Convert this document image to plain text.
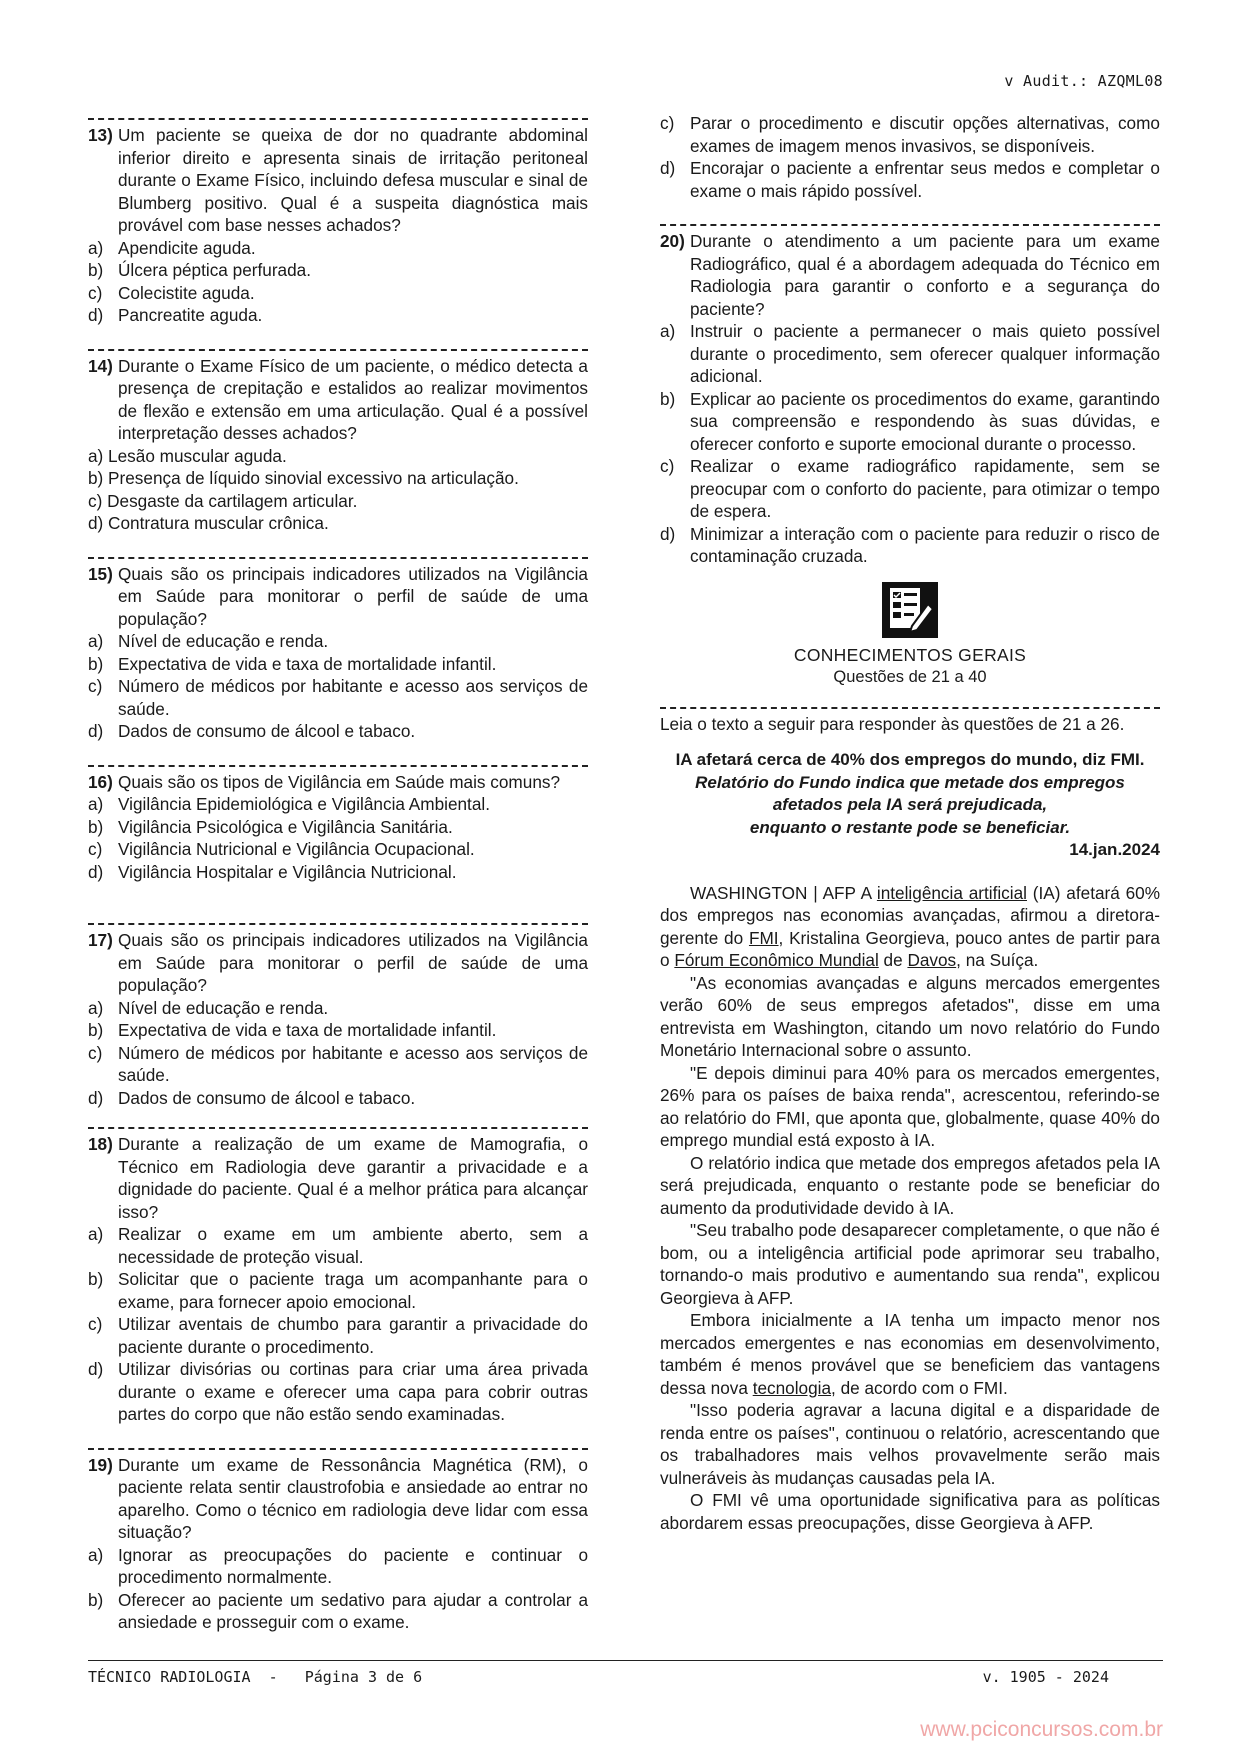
v Audit.: AZQML08
13) Um paciente se queixa de dor no quadrante abdominal inferior direito e apresenta sinais de irritação peritoneal durante o Exame Físico, incluindo defesa muscular e sinal de Blumberg positivo. Qual é a suspeita diagnóstica mais provável com base nesses achados?
a) Apendicite aguda.
b) Úlcera péptica perfurada.
c) Colecistite aguda.
d) Pancreatite aguda.
14) Durante o Exame Físico de um paciente, o médico detecta a presença de crepitação e estalidos ao realizar movimentos de flexão e extensão em uma articulação. Qual é a possível interpretação desses achados?
a) Lesão muscular aguda.
b) Presença de líquido sinovial excessivo na articulação.
c) Desgaste da cartilagem articular.
d) Contratura muscular crônica.
15) Quais são os principais indicadores utilizados na Vigilância em Saúde para monitorar o perfil de saúde de uma população?
a) Nível de educação e renda.
b) Expectativa de vida e taxa de mortalidade infantil.
c) Número de médicos por habitante e acesso aos serviços de saúde.
d) Dados de consumo de álcool e tabaco.
16) Quais são os tipos de Vigilância em Saúde mais comuns?
a) Vigilância Epidemiológica e Vigilância Ambiental.
b) Vigilância Psicológica e Vigilância Sanitária.
c) Vigilância Nutricional e Vigilância Ocupacional.
d) Vigilância Hospitalar e Vigilância Nutricional.
17) Quais são os principais indicadores utilizados na Vigilância em Saúde para monitorar o perfil de saúde de uma população?
a) Nível de educação e renda.
b) Expectativa de vida e taxa de mortalidade infantil.
c) Número de médicos por habitante e acesso aos serviços de saúde.
d) Dados de consumo de álcool e tabaco.
18) Durante a realização de um exame de Mamografia, o Técnico em Radiologia deve garantir a privacidade e a dignidade do paciente. Qual é a melhor prática para alcançar isso?
a) Realizar o exame em um ambiente aberto, sem a necessidade de proteção visual.
b) Solicitar que o paciente traga um acompanhante para o exame, para fornecer apoio emocional.
c) Utilizar aventais de chumbo para garantir a privacidade do paciente durante o procedimento.
d) Utilizar divisórias ou cortinas para criar uma área privada durante o exame e oferecer uma capa para cobrir outras partes do corpo que não estão sendo examinadas.
19) Durante um exame de Ressonância Magnética (RM), o paciente relata sentir claustrofobia e ansiedade ao entrar no aparelho. Como o técnico em radiologia deve lidar com essa situação?
a) Ignorar as preocupações do paciente e continuar o procedimento normalmente.
b) Oferecer ao paciente um sedativo para ajudar a controlar a ansiedade e prosseguir com o exame.
c) Parar o procedimento e discutir opções alternativas, como exames de imagem menos invasivos, se disponíveis.
d) Encorajar o paciente a enfrentar seus medos e completar o exame o mais rápido possível.
20) Durante o atendimento a um paciente para um exame Radiográfico, qual é a abordagem adequada do Técnico em Radiologia para garantir o conforto e a segurança do paciente?
a) Instruir o paciente a permanecer o mais quieto possível durante o procedimento, sem oferecer qualquer informação adicional.
b) Explicar ao paciente os procedimentos do exame, garantindo sua compreensão e respondendo às suas dúvidas, e oferecer conforto e suporte emocional durante o processo.
c) Realizar o exame radiográfico rapidamente, sem se preocupar com o conforto do paciente, para otimizar o tempo de espera.
d) Minimizar a interação com o paciente para reduzir o risco de contaminação cruzada.
CONHECIMENTOS GERAIS
Questões de 21 a 40
Leia o texto a seguir para responder às questões de 21 a 26.
IA afetará cerca de 40% dos empregos do mundo, diz FMI.
Relatório do Fundo indica que metade dos empregos
afetados pela IA será prejudicada,
enquanto o restante pode se beneficiar.
14.jan.2024

WASHINGTON | AFP A inteligência artificial (IA) afetará 60% dos empregos nas economias avançadas, afirmou a diretora-gerente do FMI, Kristalina Georgieva, pouco antes de partir para o Fórum Econômico Mundial de Davos, na Suíça.

"As economias avançadas e alguns mercados emergentes verão 60% de seus empregos afetados", disse em uma entrevista em Washington, citando um novo relatório do Fundo Monetário Internacional sobre o assunto.

"E depois diminui para 40% para os mercados emergentes, 26% para os países de baixa renda", acrescentou, referindo-se ao relatório do FMI, que aponta que, globalmente, quase 40% do emprego mundial está exposto à IA.

O relatório indica que metade dos empregos afetados pela IA será prejudicada, enquanto o restante pode se beneficiar do aumento da produtividade devido à IA.

"Seu trabalho pode desaparecer completamente, o que não é bom, ou a inteligência artificial pode aprimorar seu trabalho, tornando-o mais produtivo e aumentando sua renda", explicou Georgieva à AFP.

Embora inicialmente a IA tenha um impacto menor nos mercados emergentes e nas economias em desenvolvimento, também é menos provável que se beneficiem das vantagens dessa nova tecnologia, de acordo com o FMI.

"Isso poderia agravar a lacuna digital e a disparidade de renda entre os países", continuou o relatório, acrescentando que os trabalhadores mais velhos provavelmente serão mais vulneráveis às mudanças causadas pela IA.

O FMI vê uma oportunidade significativa para as políticas abordarem essas preocupações, disse Georgieva à AFP.

TÉCNICO RADIOLOGIA  -   Página 3 de 6	v. 1905 - 2024
www.pciconcursos.com.br
